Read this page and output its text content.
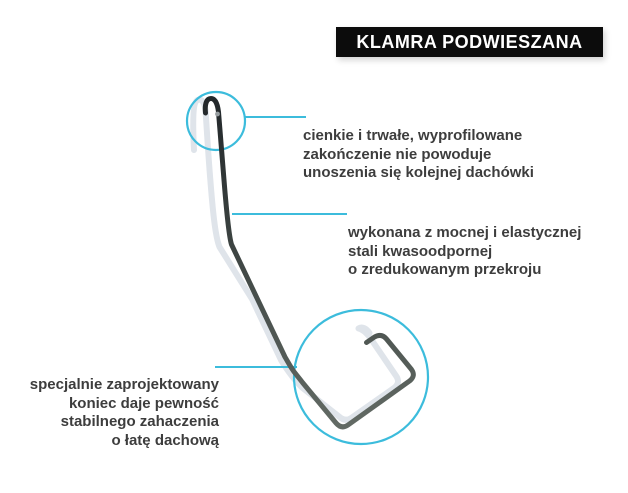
KLAMRA PODWIESZANA
cienkie i trwałe, wyprofilowane
zakończenie nie powoduje
unoszenia się kolejnej dachówki
wykonana z mocnej i elastycznej
stali kwasoodpornej
o zredukowanym przekroju
specjalnie zaprojektowany
koniec daje pewność
stabilnego zahaczenia
o łatę dachową
